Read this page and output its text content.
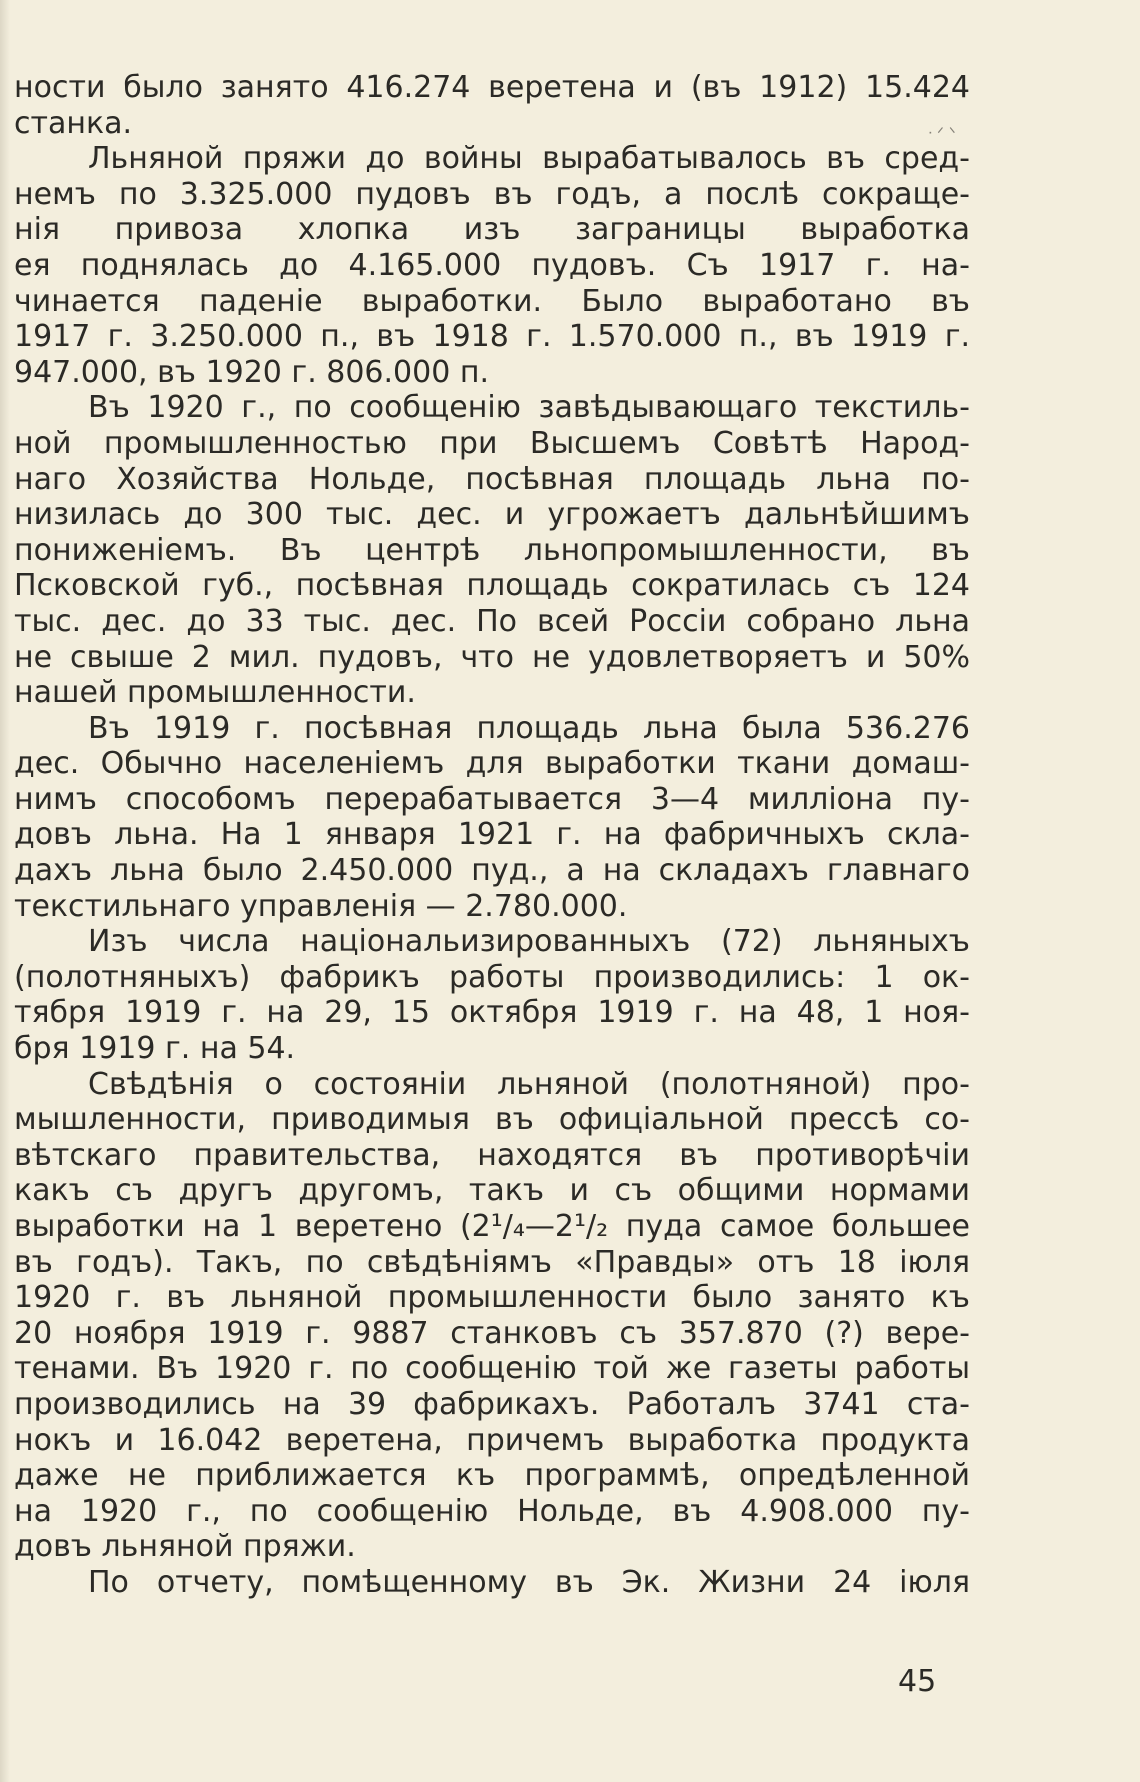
ᐧ ᐟ ᐠ
ности было занято 416.274 веретена и (въ 1912) 15.424
станка.
Льняной пряжи до войны вырабатывалось въ сред-
немъ по 3.325.000 пудовъ въ годъ, а послѣ сокраще-
нія привоза хлопка изъ заграницы выработка
ея поднялась до 4.165.000 пудовъ. Съ 1917 г. на-
чинается паденіе выработки. Было выработано въ
1917 г. 3.250.000 п., въ 1918 г. 1.570.000 п., въ 1919 г.
947.000, въ 1920 г. 806.000 п.
Въ 1920 г., по сообщенію завѣдывающаго текстиль-
ной промышленностью при Высшемъ Совѣтѣ Народ-
наго Хозяйства Нольде, посѣвная площадь льна по-
низилась до 300 тыс. дес. и угрожаетъ дальнѣйшимъ
пониженіемъ. Въ центрѣ льнопромышленности, въ
Псковской губ., посѣвная площадь сократилась съ 124
тыс. дес. до 33 тыс. дес. По всей Россіи собрано льна
не свыше 2 мил. пудовъ, что не удовлетворяетъ и 50%
нашей промышленности.
Въ 1919 г. посѣвная площадь льна была 536.276
дес. Обычно населеніемъ для выработки ткани домаш-
нимъ способомъ перерабатывается 3—4 милліона пу-
довъ льна. На 1 января 1921 г. на фабричныхъ скла-
дахъ льна было 2.450.000 пуд., а на складахъ главнаго
текстильнаго управленія — 2.780.000.
Изъ числа національизированныхъ (72) льняныхъ
(полотняныхъ) фабрикъ работы производились: 1 ок-
тября 1919 г. на 29, 15 октября 1919 г. на 48, 1 ноя-
бря 1919 г. на 54.
Свѣдѣнія о состояніи льняной (полотняной) про-
мышленности, приводимыя въ офиціальной прессѣ со-
вѣтскаго правительства, находятся въ противорѣчіи
какъ съ другъ другомъ, такъ и съ общими нормами
выработки на 1 веретено (2¹/₄—2¹/₂ пуда самое большее
въ годъ). Такъ, по свѣдѣніямъ «Правды» отъ 18 іюля
1920 г. въ льняной промышленности было занято къ
20 ноября 1919 г. 9887 станковъ съ 357.870 (?) вере-
тенами. Въ 1920 г. по сообщенію той же газеты работы
производились на 39 фабрикахъ. Работалъ 3741 ста-
нокъ и 16.042 веретена, причемъ выработка продукта
даже не приближается къ программѣ, опредѣленной
на 1920 г., по сообщенію Нольде, въ 4.908.000 пу-
довъ льняной пряжи.
По отчету, помѣщенному въ Эк. Жизни 24 іюля
45
